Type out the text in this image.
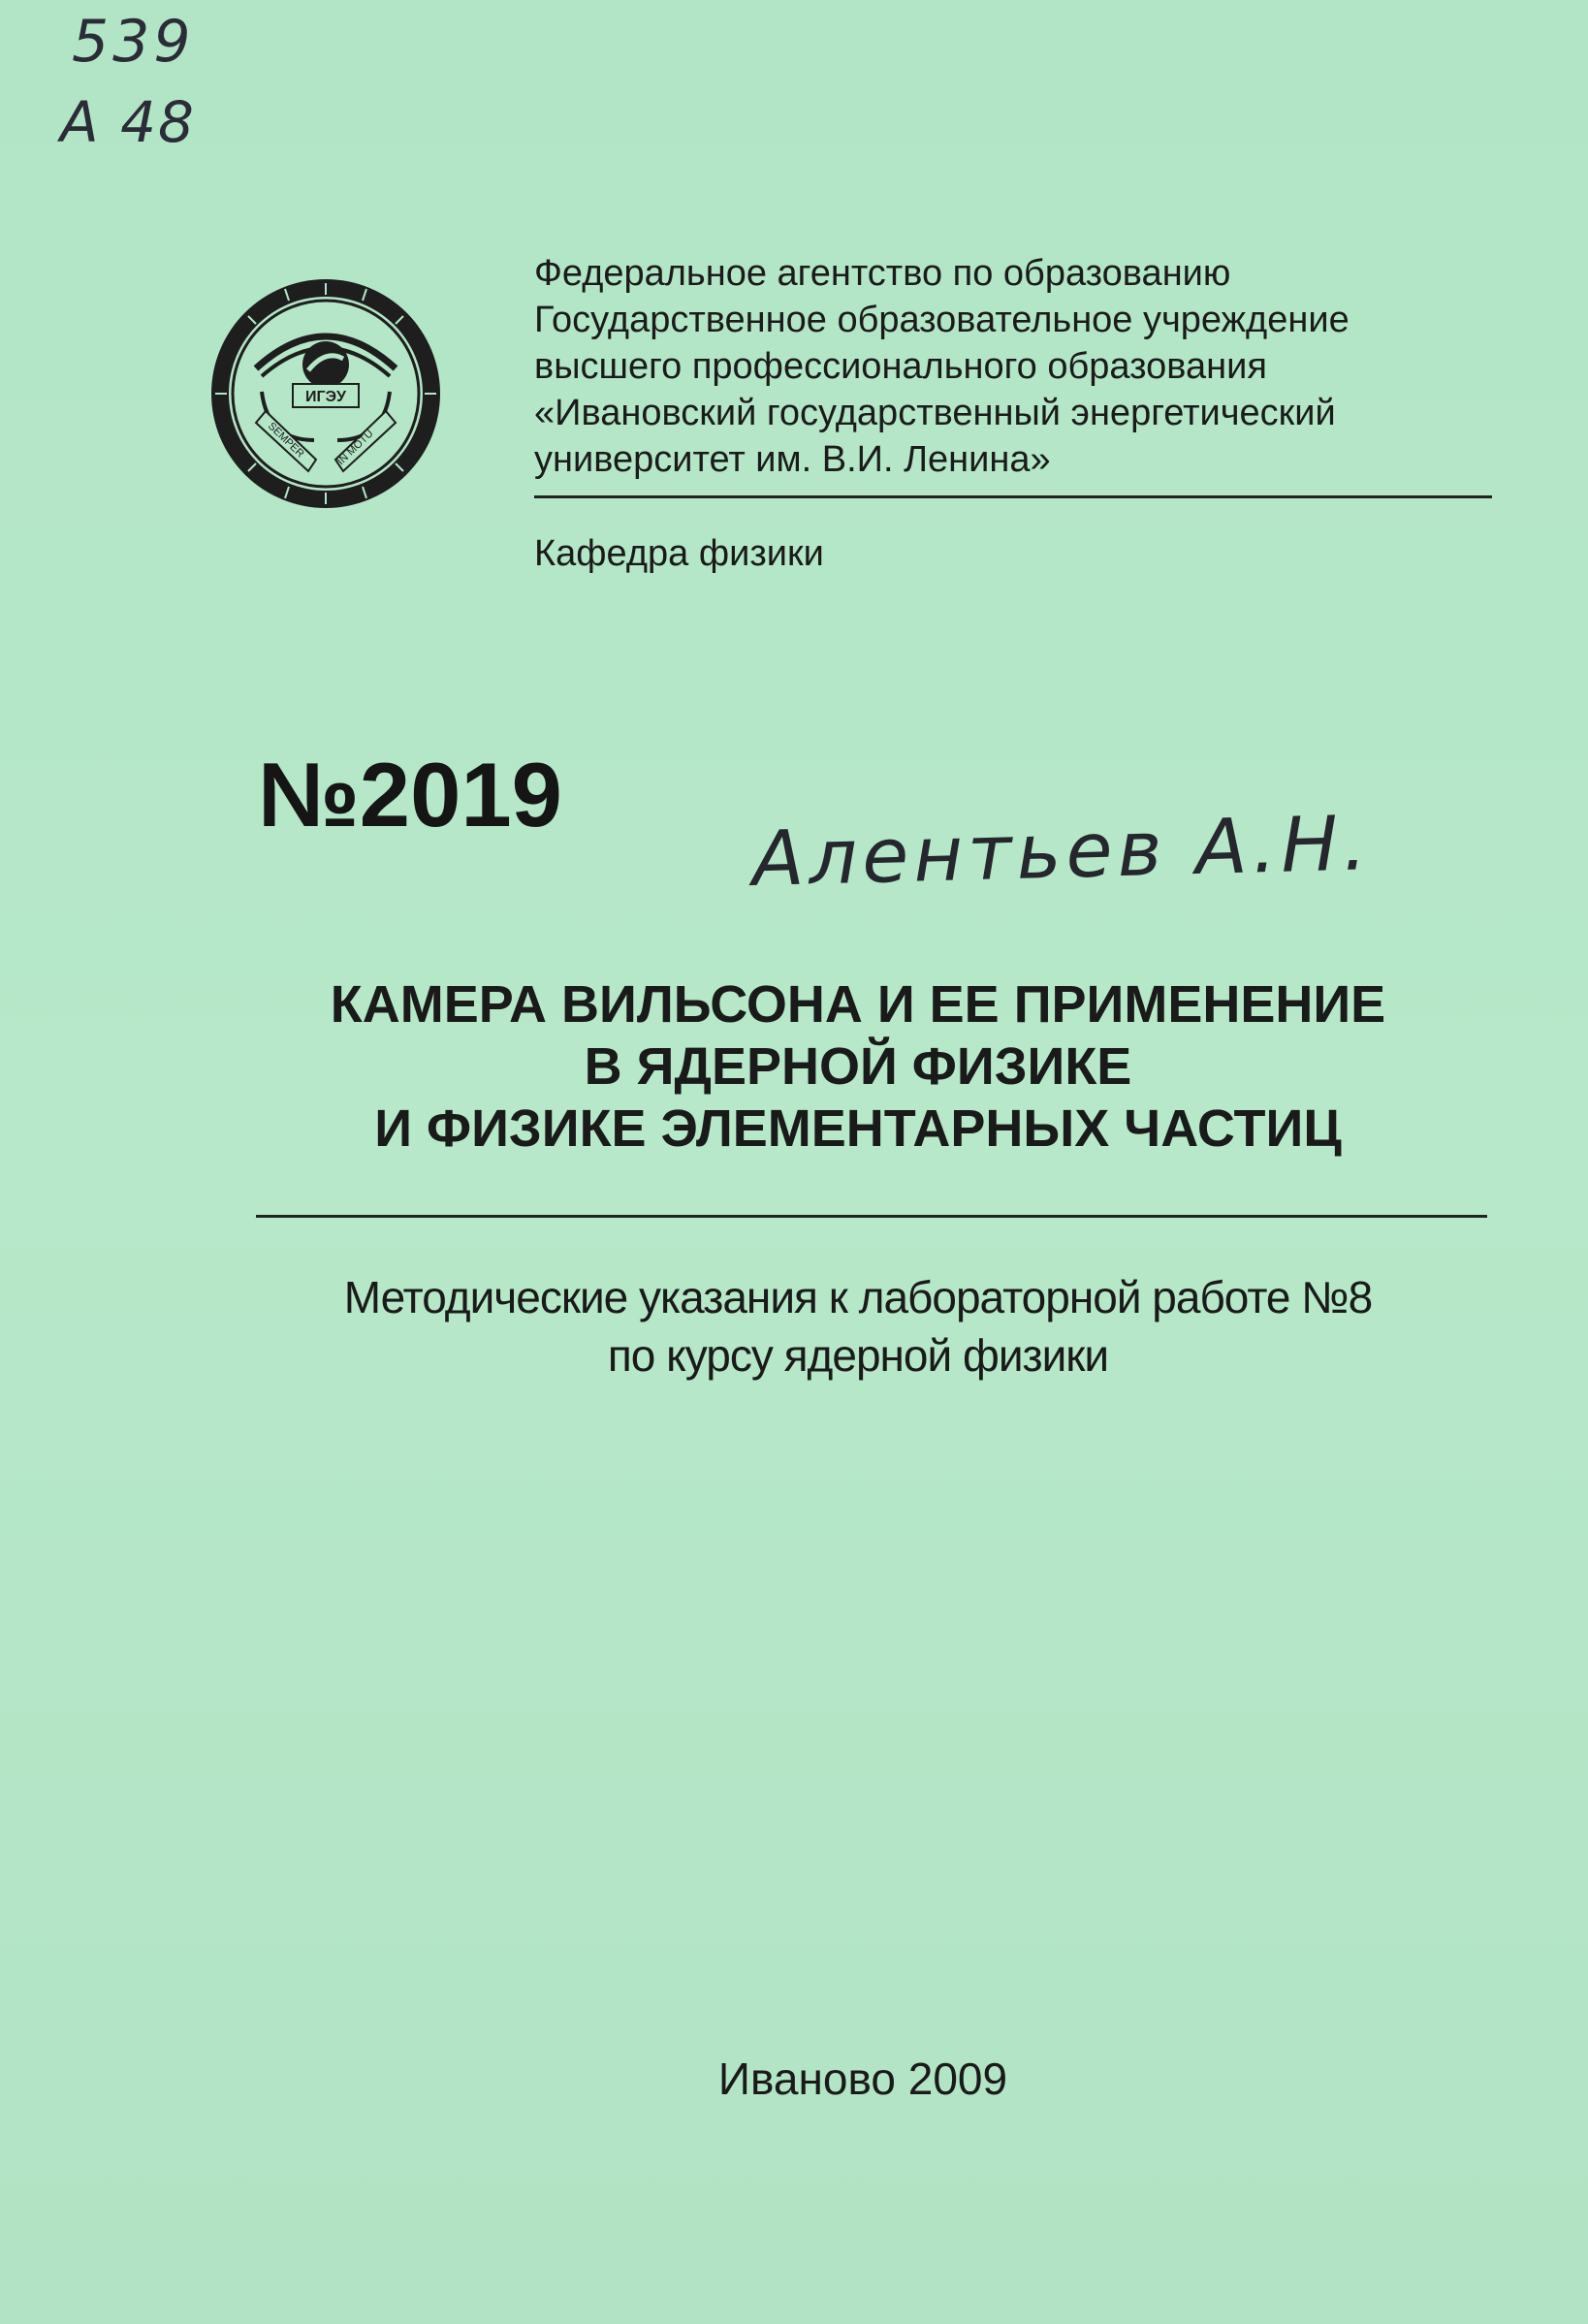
539
A 48
ИГЭУ
SEMPER	IN MOTU
Федеральное агентство по образованию
Государственное образовательное учреждение
высшего профессионального образования
«Ивановский государственный энергетический
университет им. В.И. Ленина»
Кафедра физики
№2019
Алентьев А.Н.
КАМЕРА ВИЛЬСОНА И ЕЕ ПРИМЕНЕНИЕ
В ЯДЕРНОЙ ФИЗИКЕ
И ФИЗИКЕ ЭЛЕМЕНТАРНЫХ ЧАСТИЦ
Методические указания к лабораторной работе №8
по курсу ядерной физики
Иваново 2009
